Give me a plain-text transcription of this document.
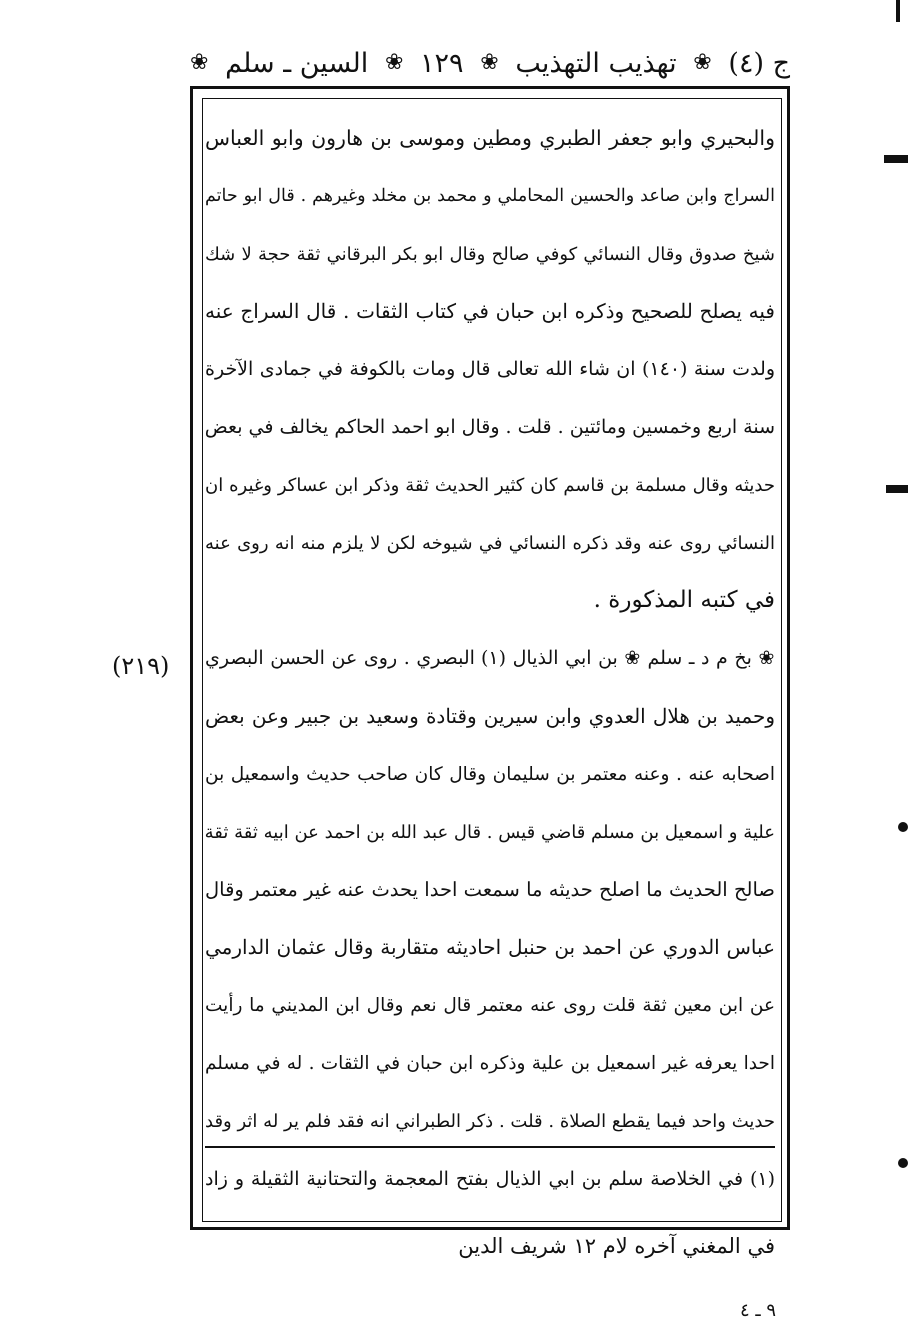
ج (٤)
❀
تهذيب التهذيب
❀
١٢٩
❀
السين ـ سلم
❀
والبحيري وابو جعفر الطبري ومطين وموسى بن هارون وابو العباس
السراج وابن صاعد والحسين المحاملي و محمد بن مخلد وغيرهم . قال ابو حاتم
شيخ صدوق وقال النسائي كوفي صالح وقال ابو بكر البرقاني ثقة حجة لا شك
فيه يصلح للصحيح وذكره ابن حبان في كتاب الثقات . قال السراج عنه
ولدت سنة (١٤٠) ان شاء الله تعالى قال ومات بالكوفة في جمادى الآخرة
سنة اربع وخمسين ومائتين . قلت . وقال ابو احمد الحاكم يخالف في بعض
حديثه وقال مسلمة بن قاسم كان كثير الحديث ثقة وذكر ابن عساكر وغيره ان
النسائي روى عنه وقد ذكره النسائي في شيوخه لكن لا يلزم منه انه روى عنه
في كتبه المذكورة .
❀ بخ م د ـ سلم ❀ بن ابي الذيال (١) البصري . روى عن الحسن البصري
وحميد بن هلال العدوي وابن سيرين وقتادة وسعيد بن جبير وعن بعض
اصحابه عنه . وعنه معتمر بن سليمان وقال كان صاحب حديث واسمعيل بن
علية و اسمعيل بن مسلم قاضي قيس . قال عبد الله بن احمد عن ابيه ثقة ثقة
صالح الحديث ما اصلح حديثه ما سمعت احدا يحدث عنه غير معتمر وقال
عباس الدوري عن احمد بن حنبل احاديثه متقاربة وقال عثمان الدارمي
عن ابن معين ثقة قلت روى عنه معتمر قال نعم وقال ابن المديني ما رأيت
احدا يعرفه غير اسمعيل بن علية وذكره ابن حبان في الثقات . له في مسلم
حديث واحد فيما يقطع الصلاة . قلت . ذكر الطبراني انه فقد فلم ير له اثر وقد
(١) في الخلاصة سلم بن ابي الذيال بفتح المعجمة والتحتانية الثقيلة و زاد
في المغني آخره لام ١٢ شريف الدين
(٢١٩)
٩ ـ ٤
